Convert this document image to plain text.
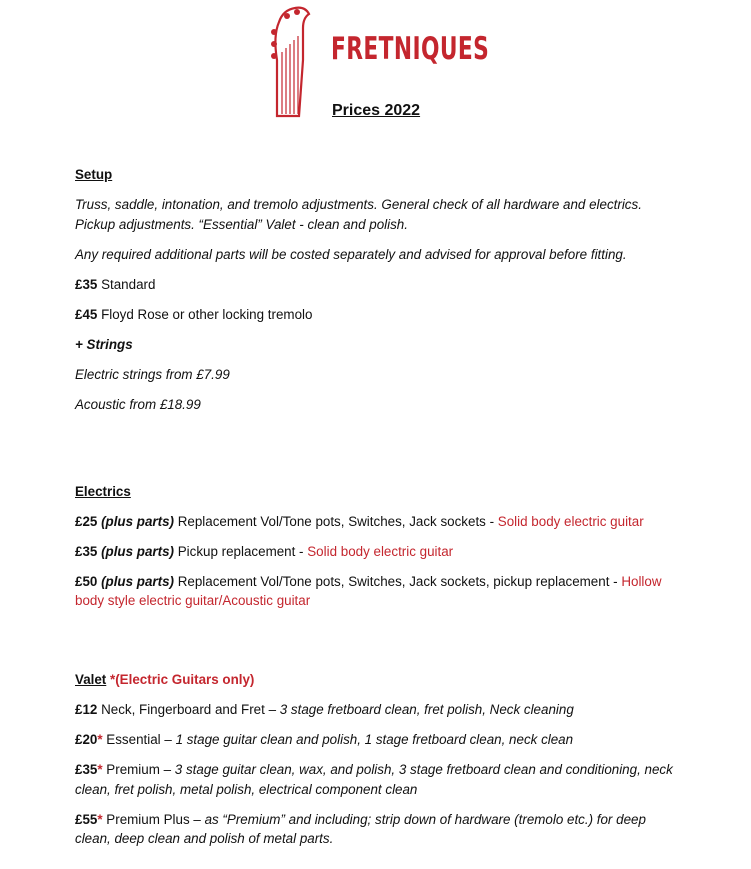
FRETNIQUES
Prices 2022

Setup

Truss, saddle, intonation, and tremolo adjustments. General check of all hardware and electrics. Pickup adjustments. “Essential” Valet - clean and polish.

Any required additional parts will be costed separately and advised for approval before fitting.

£35 Standard

£45 Floyd Rose or other locking tremolo

+ Strings

Electric strings from £7.99

Acoustic from £18.99

Electrics

£25 (plus parts) Replacement Vol/Tone pots, Switches, Jack sockets - Solid body electric guitar

£35 (plus parts) Pickup replacement - Solid body electric guitar

£50 (plus parts) Replacement Vol/Tone pots, Switches, Jack sockets, pickup replacement - Hollow body style electric guitar/Acoustic guitar

Valet *(Electric Guitars only)

£12 Neck, Fingerboard and Fret – 3 stage fretboard clean, fret polish, Neck cleaning

£20* Essential – 1 stage guitar clean and polish, 1 stage fretboard clean, neck clean

£35* Premium – 3 stage guitar clean, wax, and polish, 3 stage fretboard clean and conditioning, neck clean, fret polish, metal polish, electrical component clean

£55* Premium Plus – as “Premium” and including; strip down of hardware (tremolo etc.) for deep clean, deep clean and polish of metal parts.
